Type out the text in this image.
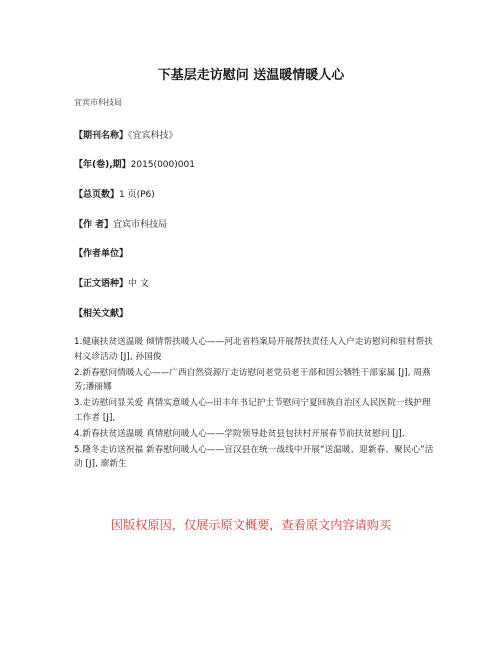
下基层走访慰问 送温暖情暖人心
宜宾市科技局
【期刊名称】《宜宾科技》
【年(卷),期】2015(000)001
【总页数】1 页(P6)
【作 者】宜宾市科技局
【作者单位】
【正文语种】中 文
【相关文献】
1.健康扶贫送温暖 倾情帮扶暖人心——河北省档案局开展帮扶责任人入户走访慰问和驻村帮扶村义诊活动 [J], 孙国俊
2.新春慰问情暖人心——广西自然资源厅走访慰问老党员老干部和因公牺牲干部家属 [J], 周燕芳;潘丽娜
3.走访慰问显关爱 真情实意暖人心--田丰年书记护士节慰问宁夏回族自治区人民医院一线护理工作者 [J],
4.新春扶贫送温暖 真情慰问暖人心——学院领导赴贫县包扶村开展春节前扶贫慰问 [J],
5.隆冬走访送祝福 新春慰问暖人心——宣汉县在统一战线中开展“送温暖、迎新春、聚民心”活动 [J], 廖新生
因版权原因，仅展示原文概要，查看原文内容请购买
